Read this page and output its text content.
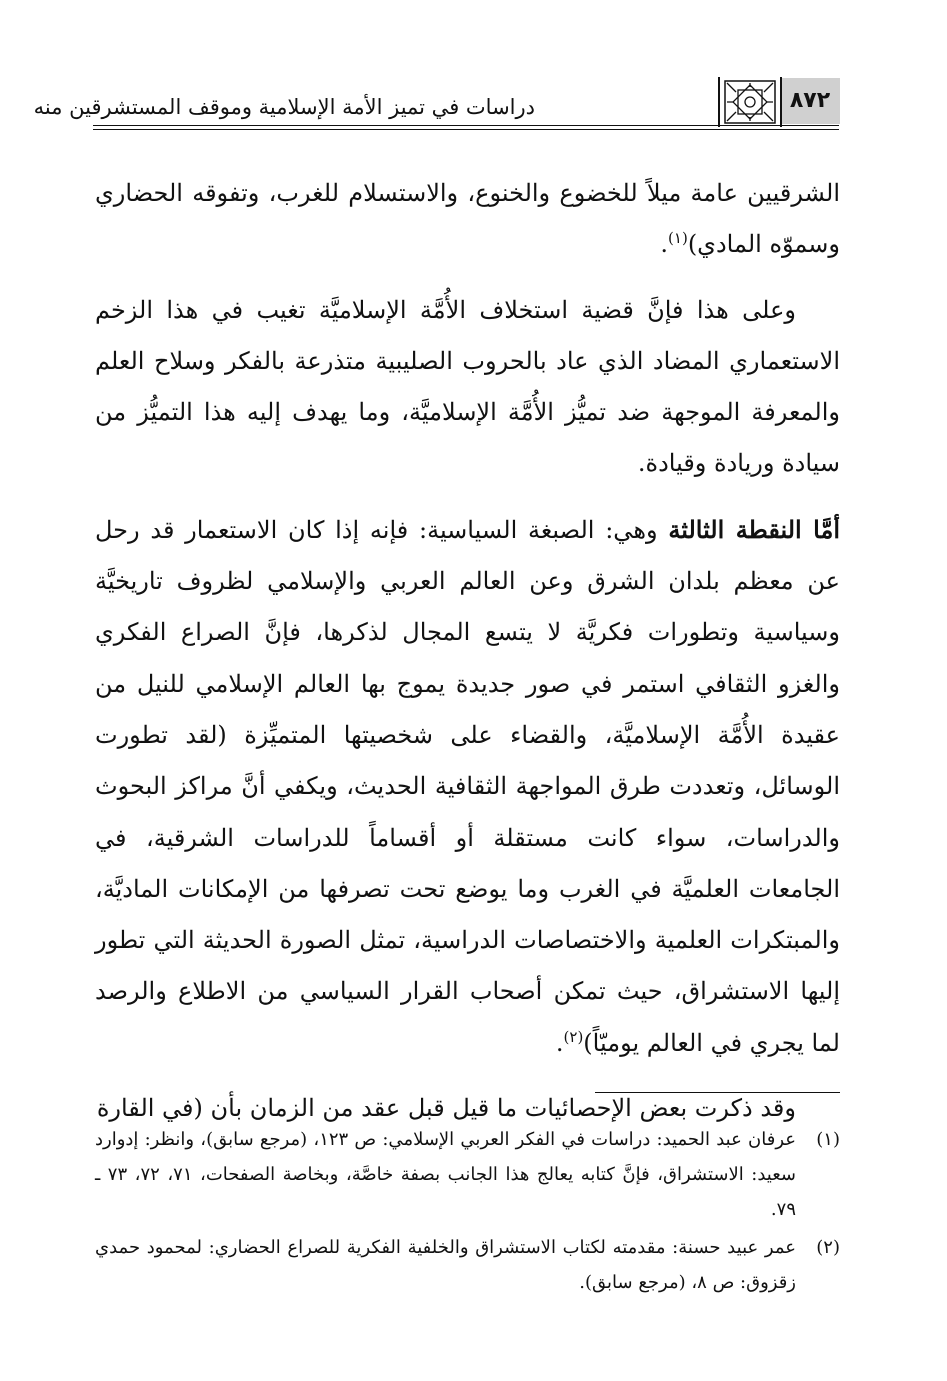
٨٧٢
دراسات في تميز الأمة الإسلامية وموقف المستشرقين منه

الشرقيين عامة ميلاً للخضوع والخنوع، والاستسلام للغرب، وتفوقه الحضاري وسموّه المادي)$^{(١)}$.

وعلى هذا فإنَّ قضية استخلاف الأُمَّة الإسلاميَّة تغيب في هذا الزخم الاستعماري المضاد الذي عاد بالحروب الصليبية متذرعة بالفكر وسلاح العلم والمعرفة الموجهة ضد تميُّز الأُمَّة الإسلاميَّة، وما يهدف إليه هذا التميُّز من سيادة وريادة وقيادة.

أمَّا النقطة الثالثة وهي: الصبغة السياسية: فإنه إذا كان الاستعمار قد رحل عن معظم بلدان الشرق وعن العالم العربي والإسلامي لظروف تاريخيَّة وسياسية وتطورات فكريَّة لا يتسع المجال لذكرها، فإنَّ الصراع الفكري والغزو الثقافي استمر في صور جديدة يموج بها العالم الإسلامي للنيل من عقيدة الأُمَّة الإسلاميَّة، والقضاء على شخصيتها المتميِّزة (لقد تطورت الوسائل، وتعددت طرق المواجهة الثقافية الحديث، ويكفي أنَّ مراكز البحوث والدراسات، سواء كانت مستقلة أو أقساماً للدراسات الشرقية، في الجامعات العلميَّة في الغرب وما يوضع تحت تصرفها من الإمكانات الماديَّة، والمبتكرات العلمية والاختصاصات الدراسية، تمثل الصورة الحديثة التي تطور إليها الاستشراق، حيث تمكن أصحاب القرار السياسي من الاطلاع والرصد لما يجري في العالم يوميّاً)$^{(٢)}$.

وقد ذكرت بعض الإحصائيات ما قيل قبل عقد من الزمان بأن (في القارة

(١)
عرفان عبد الحميد: دراسات في الفكر العربي الإسلامي: ص ١٢٣، (مرجع سابق)، وانظر: إدوارد سعيد: الاستشراق، فإنَّ كتابه يعالج هذا الجانب بصفة خاصَّة، وبخاصة الصفحات، ٧١، ٧٢، ٧٣ ـ ٧٩.
(٢)
عمر عبيد حسنة: مقدمته لكتاب الاستشراق والخلفية الفكرية للصراع الحضاري: لمحمود حمدي زقزوق: ص ٨، (مرجع سابق).
